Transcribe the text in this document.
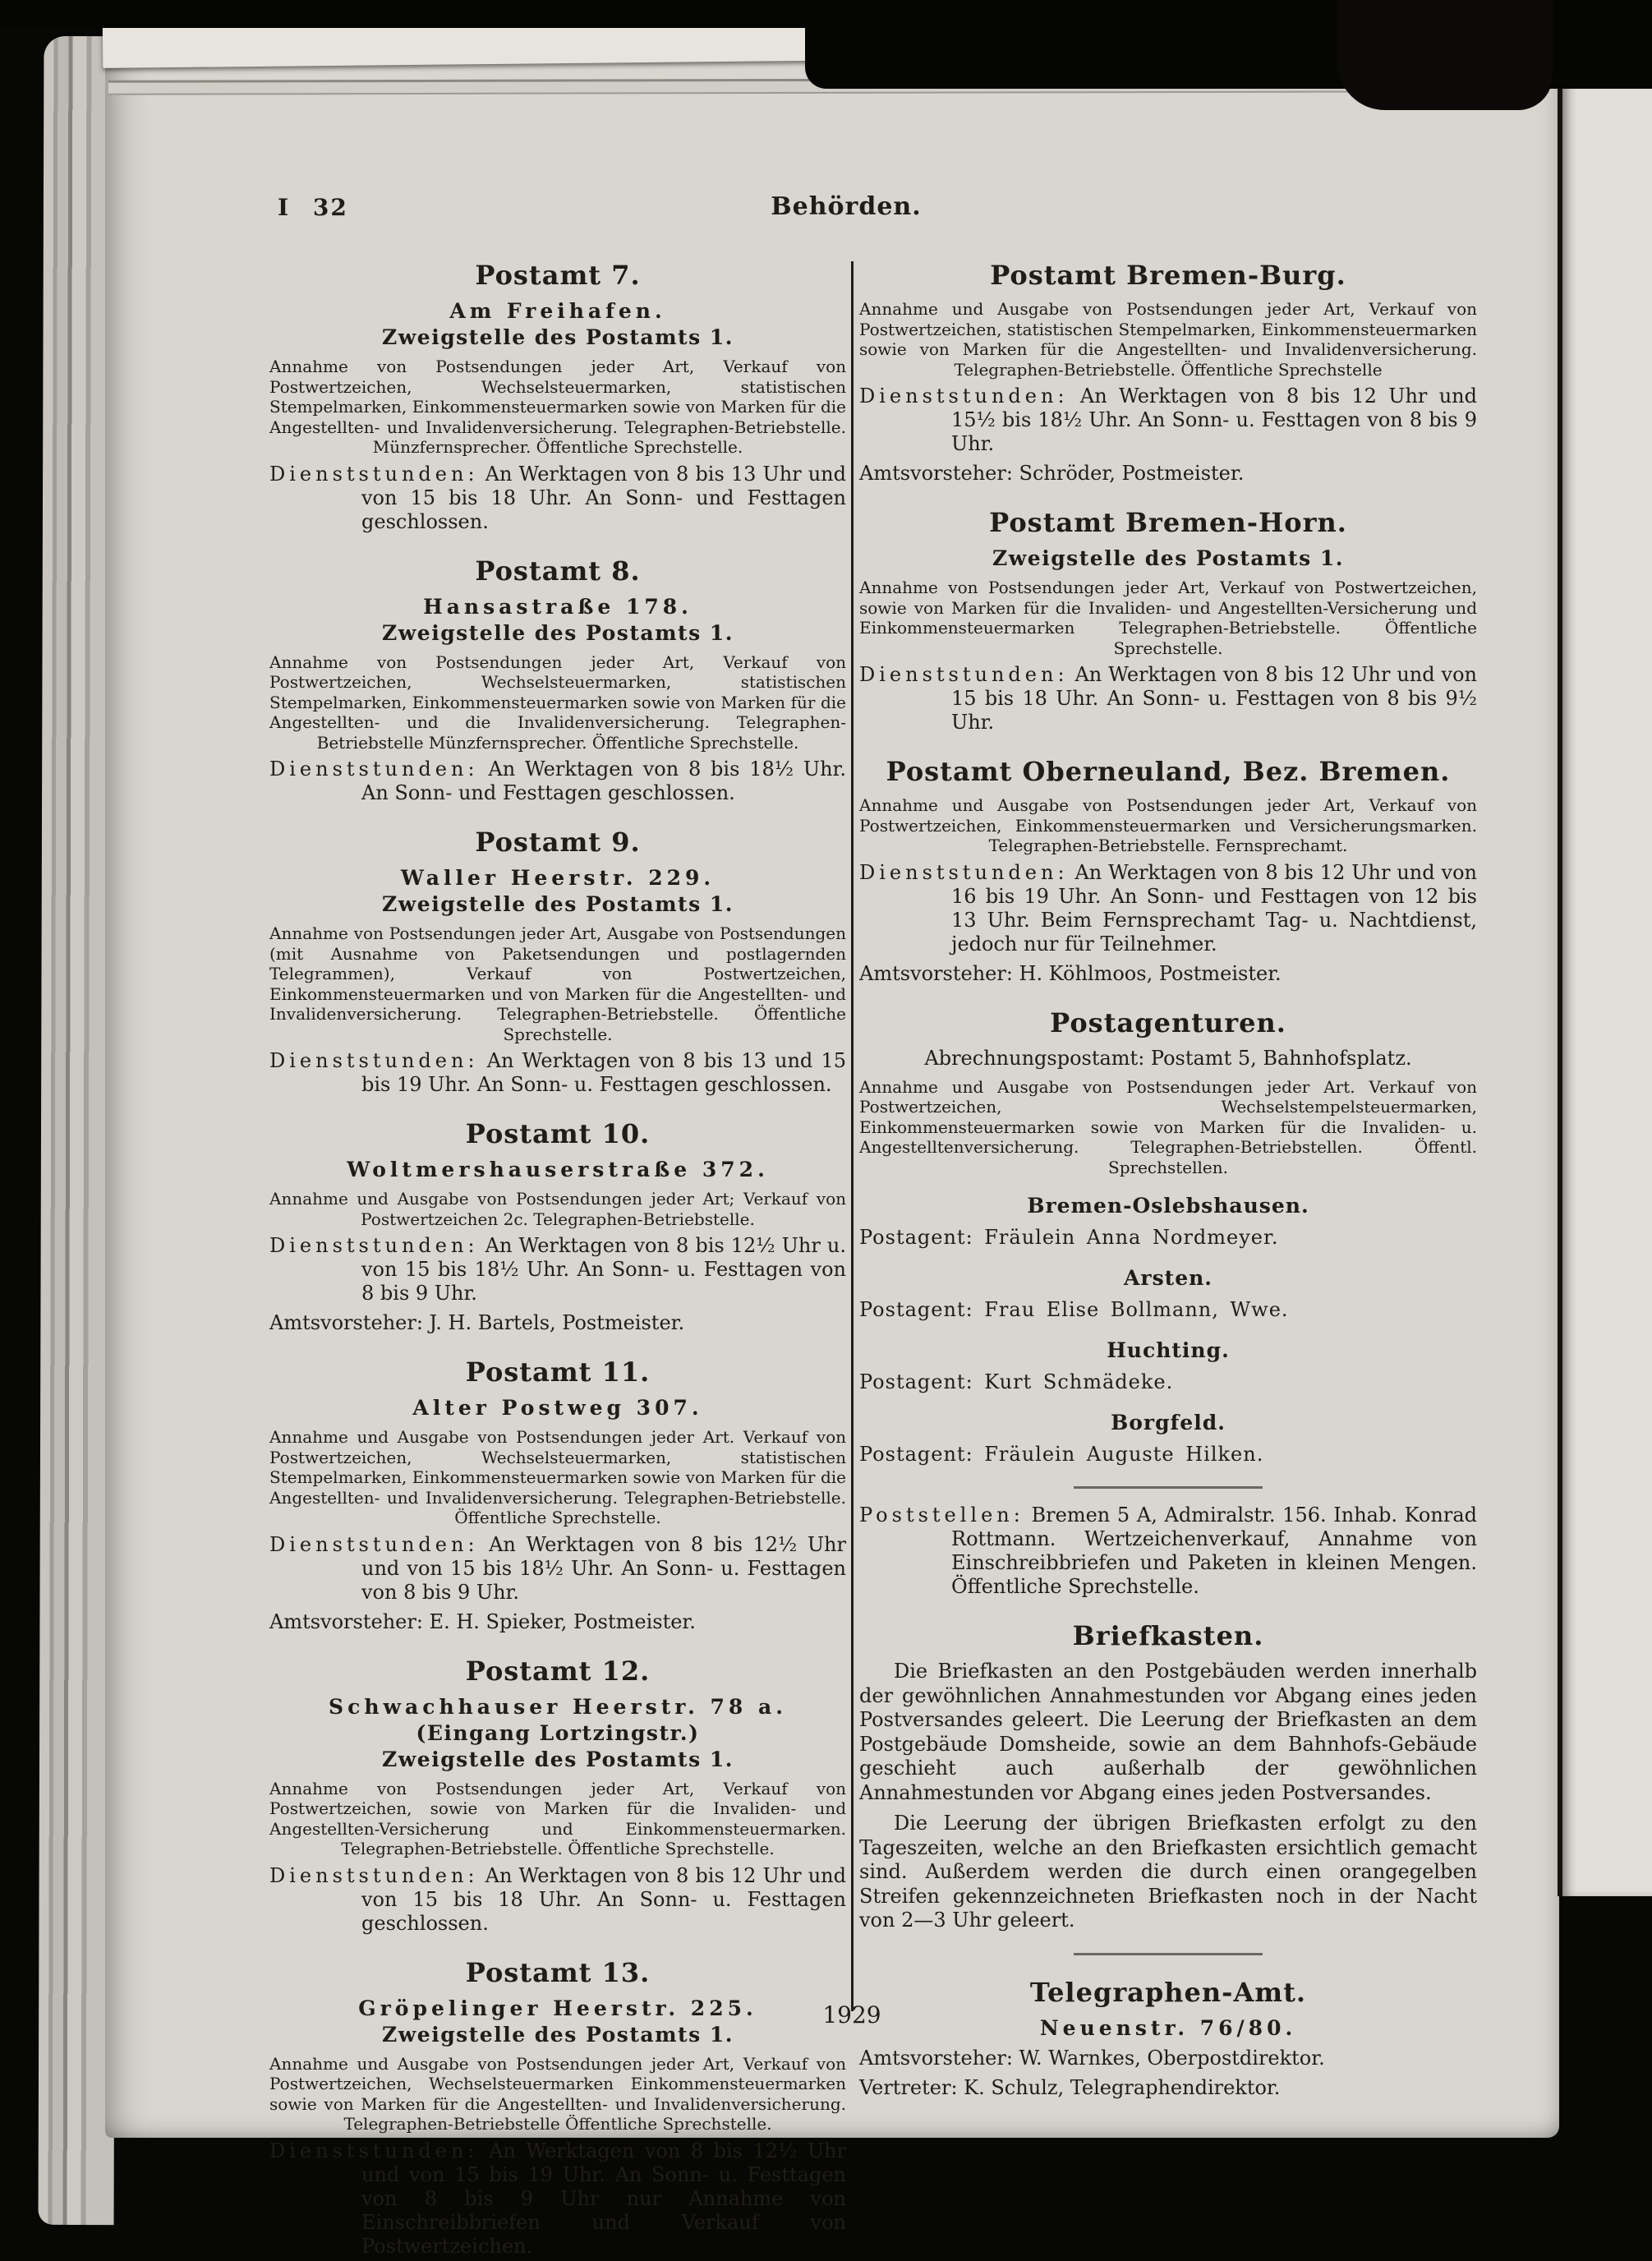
I 32	Behörden.
1929
Postamt 7.
Am Freihafen.
Zweigstelle des Postamts 1.
Annahme von Postsendungen jeder Art, Verkauf von Postwertzeichen, Wechselsteuermarken, statistischen Stempelmarken, Einkommensteuermarken sowie von Marken für die Angestellten- und Invalidenversicherung. Telegraphen-Betriebstelle. Münzfernsprecher. Öffentliche Sprechstelle.
Dienststunden: An Werktagen von 8 bis 13 Uhr und von 15 bis 18 Uhr. An Sonn- und Festtagen geschlossen.
Postamt 8.
Hansastraße 178.
Zweigstelle des Postamts 1.
Annahme von Postsendungen jeder Art, Verkauf von Postwertzeichen, Wechselsteuermarken, statistischen Stempelmarken, Einkommensteuermarken sowie von Marken für die Angestellten- und die Invalidenversicherung. Telegraphen-Betriebstelle Münzfernsprecher. Öffentliche Sprechstelle.
Dienststunden: An Werktagen von 8 bis 18½ Uhr. An Sonn- und Festtagen geschlossen.
Postamt 9.
Waller Heerstr. 229.
Zweigstelle des Postamts 1.
Annahme von Postsendungen jeder Art, Ausgabe von Postsendungen (mit Ausnahme von Paketsendungen und postlagernden Telegrammen), Verkauf von Postwertzeichen, Einkommensteuermarken und von Marken für die Angestellten- und Invalidenversicherung. Telegraphen-Betriebstelle. Öffentliche Sprechstelle.
Dienststunden: An Werktagen von 8 bis 13 und 15 bis 19 Uhr. An Sonn- u. Festtagen geschlossen.
Postamt 10.
Woltmershauserstraße 372.
Annahme und Ausgabe von Postsendungen jeder Art; Verkauf von Postwertzeichen 2c. Telegraphen-Betriebstelle.
Dienststunden: An Werktagen von 8 bis 12½ Uhr u. von 15 bis 18½ Uhr. An Sonn- u. Festtagen von 8 bis 9 Uhr.
Amtsvorsteher: J. H. Bartels, Postmeister.
Postamt 11.
Alter Postweg 307.
Annahme und Ausgabe von Postsendungen jeder Art. Verkauf von Postwertzeichen, Wechselsteuermarken, statistischen Stempelmarken, Einkommensteuermarken sowie von Marken für die Angestellten- und Invalidenversicherung. Telegraphen-Betriebstelle. Öffentliche Sprechstelle.
Dienststunden: An Werktagen von 8 bis 12½ Uhr und von 15 bis 18½ Uhr. An Sonn- u. Festtagen von 8 bis 9 Uhr.
Amtsvorsteher: E. H. Spieker, Postmeister.
Postamt 12.
Schwachhauser Heerstr. 78 a.
(Eingang Lortzingstr.)
Zweigstelle des Postamts 1.
Annahme von Postsendungen jeder Art, Verkauf von Postwertzeichen, sowie von Marken für die Invaliden- und Angestellten-Versicherung und Einkommensteuermarken. Telegraphen-Betriebstelle. Öffentliche Sprechstelle.
Dienststunden: An Werktagen von 8 bis 12 Uhr und von 15 bis 18 Uhr. An Sonn- u. Festtagen geschlossen.
Postamt 13.
Gröpelinger Heerstr. 225.
Zweigstelle des Postamts 1.
Annahme und Ausgabe von Postsendungen jeder Art, Verkauf von Postwertzeichen, Wechselsteuermarken Einkommensteuermarken sowie von Marken für die Angestellten- und Invalidenversicherung. Telegraphen-Betriebstelle Öffentliche Sprechstelle.
Dienststunden: An Werktagen von 8 bis 12½ Uhr und von 15 bis 19 Uhr. An Sonn- u. Festtagen von 8 bis 9 Uhr nur Annahme von Einschreibbriefen und Verkauf von Postwertzeichen.
Postamt Bremen-Burg.
Annahme und Ausgabe von Postsendungen jeder Art, Verkauf von Postwertzeichen, statistischen Stempelmarken, Einkommensteuermarken sowie von Marken für die Angestellten- und Invalidenversicherung. Telegraphen-Betriebstelle. Öffentliche Sprechstelle
Dienststunden: An Werktagen von 8 bis 12 Uhr und 15½ bis 18½ Uhr. An Sonn- u. Festtagen von 8 bis 9 Uhr.
Amtsvorsteher: Schröder, Postmeister.
Postamt Bremen-Horn.
Zweigstelle des Postamts 1.
Annahme von Postsendungen jeder Art, Verkauf von Postwertzeichen, sowie von Marken für die Invaliden- und Angestellten-Versicherung und Einkommensteuermarken Telegraphen-Betriebstelle. Öffentliche Sprechstelle.
Dienststunden: An Werktagen von 8 bis 12 Uhr und von 15 bis 18 Uhr. An Sonn- u. Festtagen von 8 bis 9½ Uhr.
Postamt Oberneuland, Bez. Bremen.
Annahme und Ausgabe von Postsendungen jeder Art, Verkauf von Postwertzeichen, Einkommensteuermarken und Versicherungsmarken. Telegraphen-Betriebstelle. Fernsprechamt.
Dienststunden: An Werktagen von 8 bis 12 Uhr und von 16 bis 19 Uhr. An Sonn- und Festtagen von 12 bis 13 Uhr. Beim Fernsprechamt Tag- u. Nachtdienst, jedoch nur für Teilnehmer.
Amtsvorsteher: H. Köhlmoos, Postmeister.
Postagenturen.
Abrechnungspostamt: Postamt 5, Bahnhofsplatz.
Annahme und Ausgabe von Postsendungen jeder Art. Verkauf von Postwertzeichen, Wechselstempelsteuermarken, Einkommensteuermarken sowie von Marken für die Invaliden- u. Angestelltenversicherung. Telegraphen-Betriebstellen. Öffentl. Sprechstellen.
Bremen-Oslebshausen.
Postagent: Fräulein Anna Nordmeyer.
Arsten.
Postagent: Frau Elise Bollmann, Wwe.
Huchting.
Postagent: Kurt Schmädeke.
Borgfeld.
Postagent: Fräulein Auguste Hilken.
Poststellen: Bremen 5 A, Admiralstr. 156. Inhab. Konrad Rottmann. Wertzeichenverkauf, Annahme von Einschreibbriefen und Paketen in kleinen Mengen. Öffentliche Sprechstelle.
Briefkasten.
Die Briefkasten an den Postgebäuden werden innerhalb der gewöhnlichen Annahmestunden vor Abgang eines jeden Postversandes geleert. Die Leerung der Briefkasten an dem Postgebäude Domsheide, sowie an dem Bahnhofs-Gebäude geschieht auch außerhalb der gewöhnlichen Annahmestunden vor Abgang eines jeden Postversandes.
Die Leerung der übrigen Briefkasten erfolgt zu den Tageszeiten, welche an den Briefkasten ersichtlich gemacht sind. Außerdem werden die durch einen orangegelben Streifen gekennzeichneten Briefkasten noch in der Nacht von 2—3 Uhr geleert.
Telegraphen-Amt.
Neuenstr. 76/80.
Amtsvorsteher: W. Warnkes, Oberpostdirektor.
Vertreter: K. Schulz, Telegraphendirektor.
